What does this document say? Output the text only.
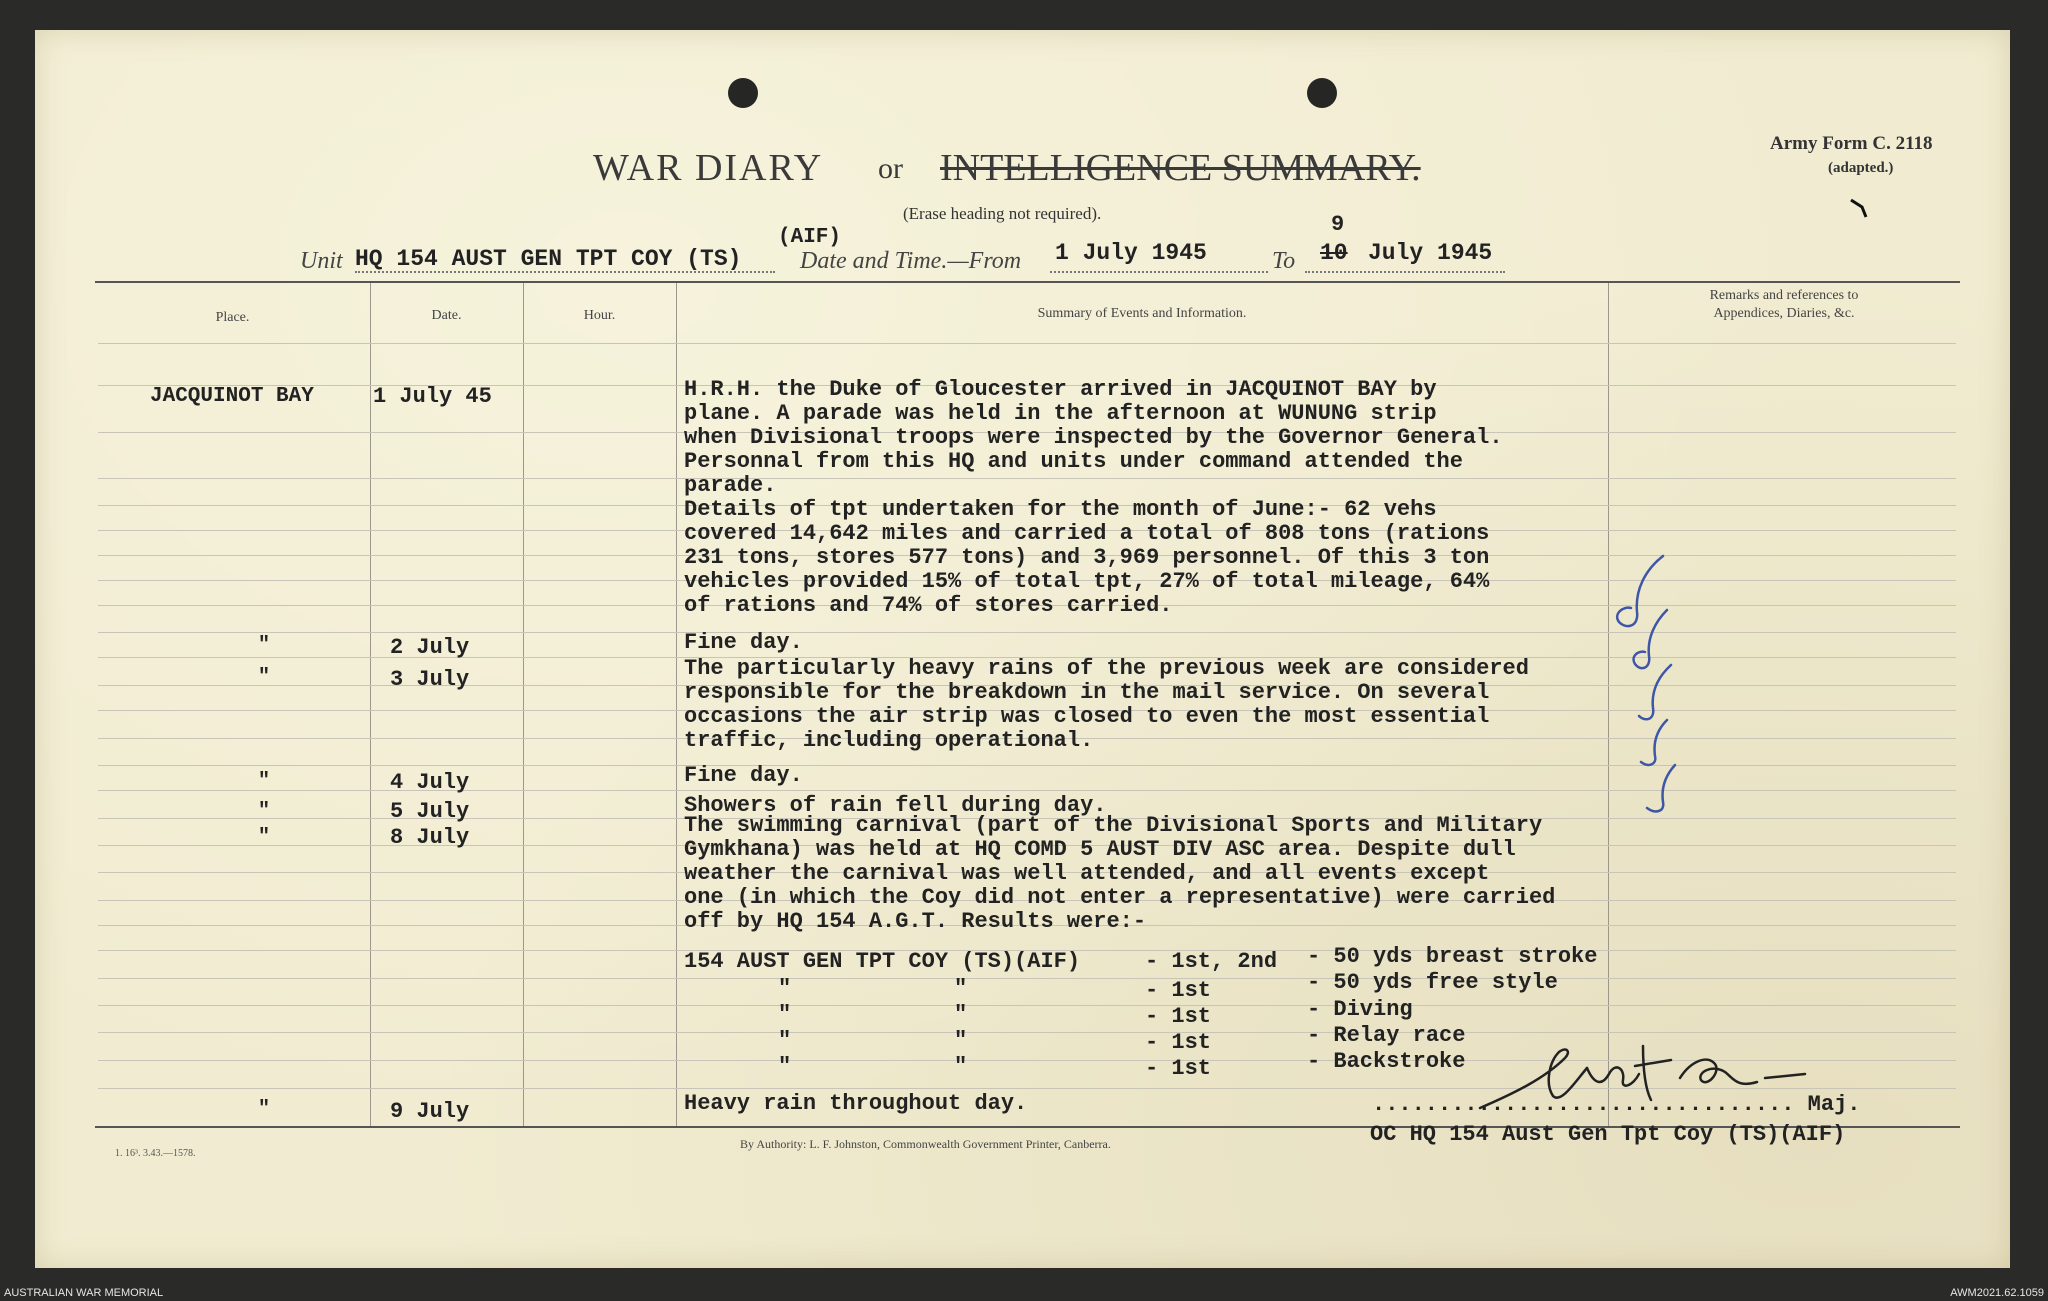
WAR DIARY or INTELLIGENCE SUMMARY.
Army Form C. 2118
(adapted.)
(Erase heading not required).
Unit HQ 154 AUST GEN TPT COY (TS)
(AIF)
Date and Time.—From 1 July 1945	To 10
9
July 1945
Place.	Date.	Hour.	Summary of Events and Information.
Remarks and references to
Appendices, Diaries, &c.
JACQUINOT BAY	1 July 45	H.R.H. the Duke of Gloucester arrived in JACQUINOT BAY by
plane. A parade was held in the afternoon at WUNUNG strip
when Divisional troops were inspected by the Governor General.
Personnal from this HQ and units under command attended the
parade.
Details of tpt undertaken for the month of June:- 62 vehs
covered 14,642 miles and carried a total of 808 tons (rations
231 tons, stores 577 tons) and 3,969 personnel. Of this 3 ton
vehicles provided 15% of total tpt, 27% of total mileage, 64%
of rations and 74% of stores carried.
"	2 July	Fine day.
"	3 July	The particularly heavy rains of the previous week are considered
responsible for the breakdown in the mail service. On several
occasions the air strip was closed to even the most essential
traffic, including operational.
"	4 July	Fine day.
"	5 July	Showers of rain fell during day.
"	8 July	The swimming carnival (part of the Divisional Sports and Military
Gymkhana) was held at HQ COMD 5 AUST DIV ASC area. Despite dull
weather the carnival was well attended, and all events except
one (in which the Coy did not enter a representative) were carried
off by HQ 154 A.G.T. Results were:-
154 AUST GEN TPT COY (TS)(AIF)	- 1st, 2nd - 50 yds breast stroke
"	"	- 1st	- 50 yds free style
"	"	- 1st	- Diving
"	"	- 1st	- Relay race
"	"	- 1st	- Backstroke
"	9 July	Heavy rain throughout day.	................................ Maj.
OC HQ 154 Aust Gen Tpt Coy (TS)(AIF)
By Authority: L. F. Johnston, Commonwealth Government Printer, Canberra.
1. 16³. 3.43.—1578.
AUSTRALIAN WAR MEMORIAL	AWM2021.62.1059
